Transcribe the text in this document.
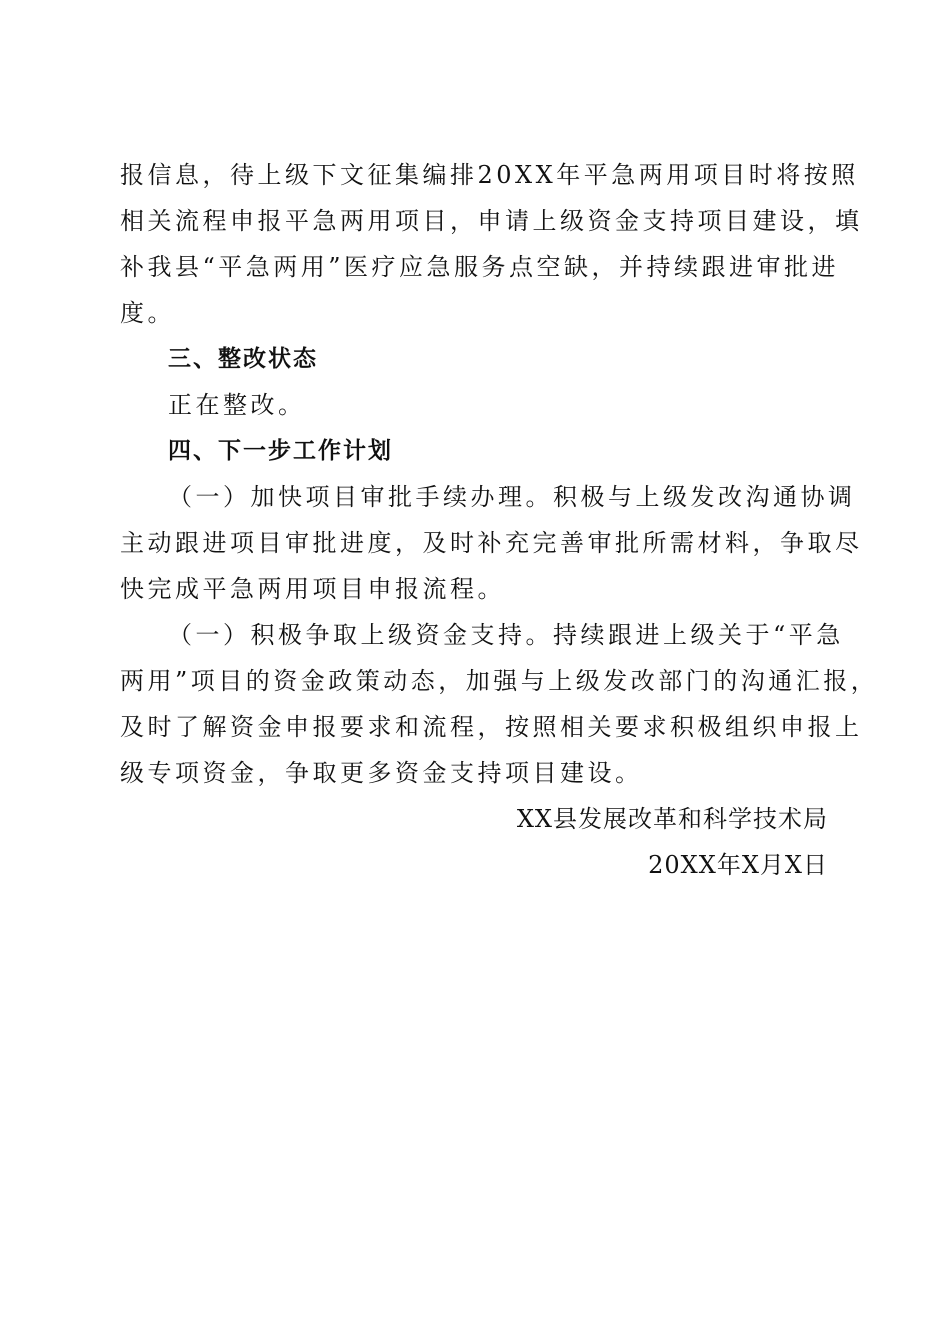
报信息，待上级下文征集编排20XX年平急两用项目时将按照
相关流程申报平急两用项目，申请上级资金支持项目建设，填
补我县“平急两用”医疗应急服务点空缺，并持续跟进审批进
度。
三、整改状态
正在整改。
四、下一步工作计划
（一）加快项目审批手续办理。积极与上级发改沟通协调
主动跟进项目审批进度，及时补充完善审批所需材料，争取尽
快完成平急两用项目申报流程。
（一）积极争取上级资金支持。持续跟进上级关于“平急
两用”项目的资金政策动态，加强与上级发改部门的沟通汇报，
及时了解资金申报要求和流程，按照相关要求积极组织申报上
级专项资金，争取更多资金支持项目建设。
XX县发展改革和科学技术局
20XX年X月X日
